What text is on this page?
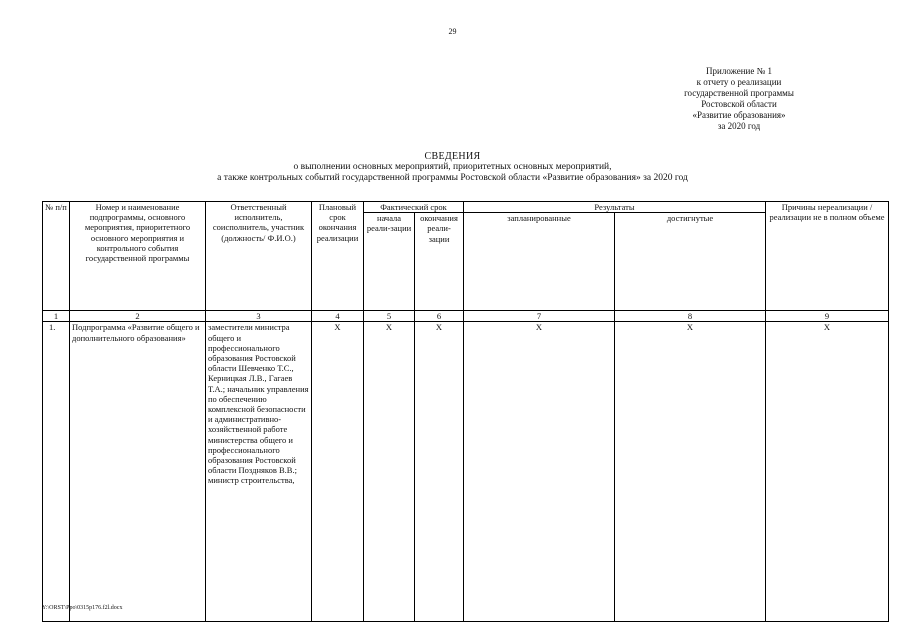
29
Приложение № 1
к отчету о реализации
государственной программы
Ростовской области
«Развитие образования»
за 2020 год
СВЕДЕНИЯ
о выполнении основных мероприятий, приоритетных основных мероприятий,
а также контрольных событий государственной программы Ростовской области «Развитие образования» за 2020 год
№ п/п	Номер и наименование подпрограммы, основного мероприятия, приоритетного основного мероприятия и контрольного события государственной программы	Ответственный исполнитель, соисполнитель, участник (должность/ Ф.И.О.)	Плановый срок окончания реализации	Фактический срок		Результаты		Причины нереализации / реализации не в полном объеме
				начала реали-зации	окончания реали-зации	запланированные	достигнутые	
1	2	3	4	5	6	7	8	9
1.	Подпрограмма «Развитие общего и дополнительного образования»	заместители министра общего и профессионального образования Ростовской области Шевченко Т.С., Керницкая Л.В., Гагаев Т.А.; начальник управления по обеспечению комплексной безопасности и административно-хозяйственной работе министерства общего и профессионального образования Ростовской области Поздняков В.В.; министр строительства,	Х	Х	Х	Х	Х	Х
Y:\ORST\Ppo\0315p176.f2l.docx
